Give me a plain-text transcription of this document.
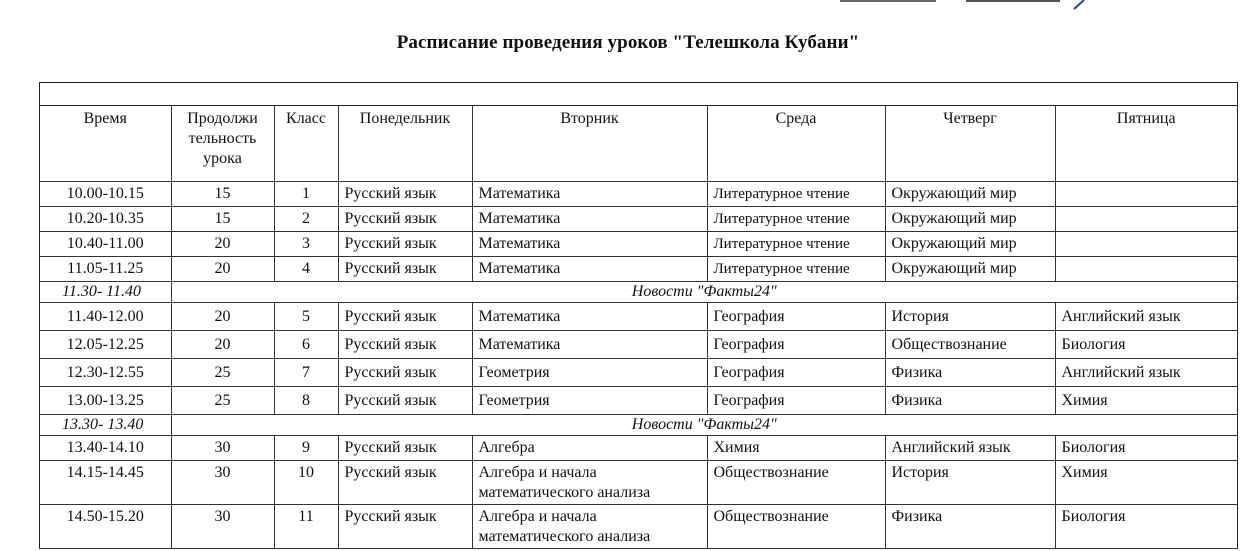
Расписание проведения уроков "Телешкола Кубани"
Время	Продолжи тельность урока	Класс	Понедельник	Вторник	Среда	Четверг	Пятница
10.00-10.15	15	1	Русский язык	Математика	Литературное чтение	Окружающий мир	
10.20-10.35	15	2	Русский язык	Математика	Литературное чтение	Окружающий мир	
10.40-11.00	20	3	Русский язык	Математика	Литературное чтение	Окружающий мир	
11.05-11.25	20	4	Русский язык	Математика	Литературное чтение	Окружающий мир	
11.30- 11.40	Новости "Факты24"						
11.40-12.00	20	5	Русский язык	Математика	География	История	Английский язык
12.05-12.25	20	6	Русский язык	Математика	География	Обществознание	Биология
12.30-12.55	25	7	Русский язык	Геометрия	География	Физика	Английский язык
13.00-13.25	25	8	Русский язык	Геометрия	География	Физика	Химия
13.30- 13.40	Новости "Факты24"						
13.40-14.10	30	9	Русский язык	Алгебра	Химия	Английский язык	Биология
14.15-14.45	30	10	Русский язык	Алгебра и начала математического анализа	Обществознание	История	Химия
14.50-15.20	30	11	Русский язык	Алгебра и начала математического анализа	Обществознание	Физика	Биология
